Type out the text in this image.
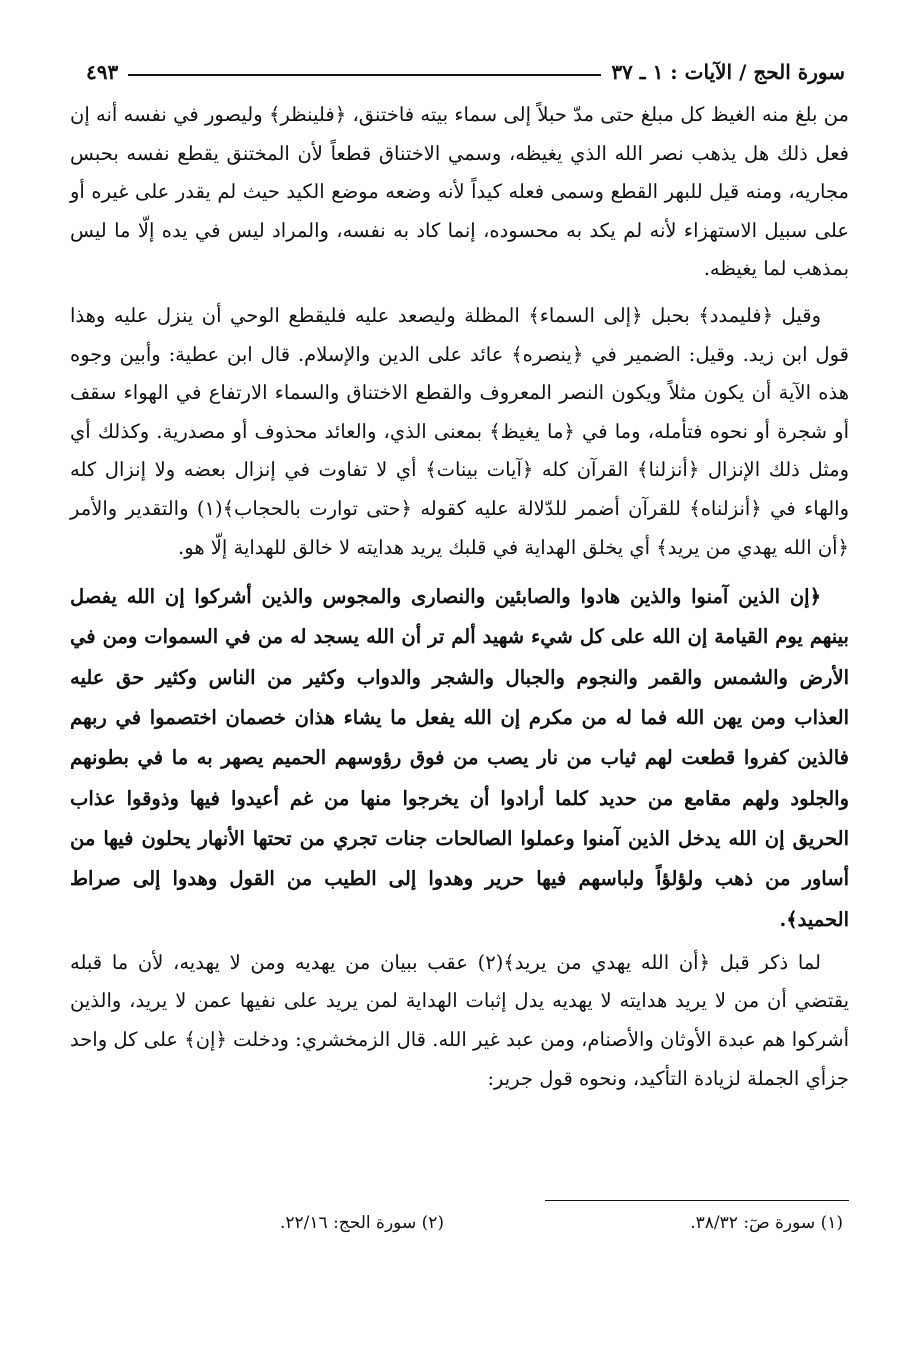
سورة الحج / الآيات : ١ ـ ٣٧
٤٩٣

من بلغ منه الغيظ كل مبلغ حتى مدّ حبلاً إلى سماء بيته فاختنق، ﴿فلينظر﴾ وليصور في نفسه أنه إن فعل ذلك هل يذهب نصر الله الذي يغيظه، وسمي الاختناق قطعاً لأن المختنق يقطع نفسه بحبس مجاريه، ومنه قيل للبهر القطع وسمى فعله كيداً لأنه وضعه موضع الكيد حيث لم يقدر على غيره أو على سبيل الاستهزاء لأنه لم يكد به محسوده، إنما كاد به نفسه، والمراد ليس في يده إلّا ما ليس بمذهب لما يغيظه.

وقيل ﴿فليمدد﴾ بحبل ﴿إلى السماء﴾ المظلة وليصعد عليه فليقطع الوحي أن ينزل عليه وهذا قول ابن زيد. وقيل: الضمير في ﴿ينصره﴾ عائد على الدين والإسلام. قال ابن عطية: وأبين وجوه هذه الآية أن يكون مثلاً ويكون النصر المعروف والقطع الاختناق والسماء الارتفاع في الهواء سقف أو شجرة أو نحوه فتأمله، وما في ﴿ما يغيظ﴾ بمعنى الذي، والعائد محذوف أو مصدرية. وكذلك أي ومثل ذلك الإنزال ﴿أنزلنا﴾ القرآن كله ﴿آيات بينات﴾ أي لا تفاوت في إنزال بعضه ولا إنزال كله والهاء في ﴿أنزلناه﴾ للقرآن أضمر للدّلالة عليه كقوله ﴿حتى توارت بالحجاب﴾(١) والتقدير والأمر ﴿أن الله يهدي من يريد﴾ أي يخلق الهداية في قلبك يريد هدايته لا خالق للهداية إلّا هو.

﴿إن الذين آمنوا والذين هادوا والصابئين والنصارى والمجوس والذين أشركوا إن الله يفصل بينهم يوم القيامة إن الله على كل شيء شهيد ألم تر أن الله يسجد له من في السموات ومن في الأرض والشمس والقمر والنجوم والجبال والشجر والدواب وكثير من الناس وكثير حق عليه العذاب ومن يهن الله فما له من مكرم إن الله يفعل ما يشاء هذان خصمان اختصموا في ربهم فالذين كفروا قطعت لهم ثياب من نار يصب من فوق رؤوسهم الحميم يصهر به ما في بطونهم والجلود ولهم مقامع من حديد كلما أرادوا أن يخرجوا منها من غم أعيدوا فيها وذوقوا عذاب الحريق إن الله يدخل الذين آمنوا وعملوا الصالحات جنات تجري من تحتها الأنهار يحلون فيها من أساور من ذهب ولؤلؤاً ولباسهم فيها حرير وهدوا إلى الطيب من القول وهدوا إلى صراط الحميد﴾.

لما ذكر قبل ﴿أن الله يهدي من يريد﴾(٢) عقب ببيان من يهديه ومن لا يهديه، لأن ما قبله يقتضي أن من لا يريد هدايته لا يهديه يدل إثبات الهداية لمن يريد على نفيها عمن لا يريد، والذين أشركوا هم عبدة الأوثان والأصنام، ومن عبد غير الله. قال الزمخشري: ودخلت ﴿إن﴾ على كل واحد جزأي الجملة لزيادة التأكيد، ونحوه قول جرير:

(١) سورة صٓ: ٣٨/٣٢.
(٢) سورة الحج: ٢٢/١٦.
